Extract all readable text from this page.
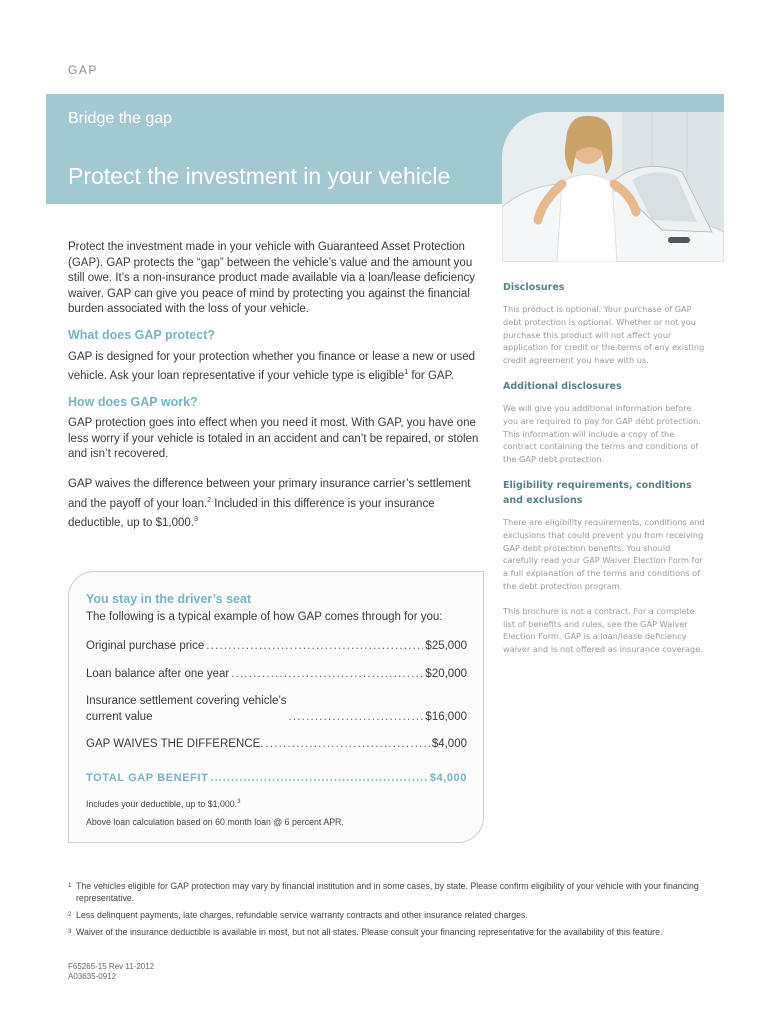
GAP
Bridge the gap
Protect the investment in your vehicle

Protect the investment made in your vehicle with Guaranteed Asset Protection (GAP). GAP protects the “gap” between the vehicle’s value and the amount you still owe. It’s a non-insurance product made available via a loan/lease deficiency waiver. GAP can give you peace of mind by protecting you against the financial burden associated with the loss of your vehicle.

What does GAP protect?

GAP is designed for your protection whether you finance or lease a new or used vehicle. Ask your loan representative if your vehicle type is eligible$^1$ for GAP.

How does GAP work?

GAP protection goes into effect when you need it most. With GAP, you have one less worry if your vehicle is totaled in an accident and can’t be repaired, or stolen and isn’t recovered.

GAP waives the difference between your primary insurance carrier’s settlement and the payoff of your loan.$^2$ Included in this difference is your insurance deductible, up to $1,000.$^3$

You stay in the driver’s seat
The following is a typical example of how GAP comes through for you:
Original purchase price . . .	$25,000
Loan balance after one year . . .	$20,000
Insurance settlement covering vehicle’s
current value . . .	$16,000
GAP WAIVES THE DIFFERENCE. . . .	$4,000
TOTAL GAP BENEFIT . . .	$4,000
Includes your deductible, up to $1,000.$^3$
Above loan calculation based on 60 month loan @ 6 percent APR.
Disclosures

This product is optional. Your purchase of GAP debt protection is optional. Whether or not you purchase this product will not affect your application for credit or the terms of any existing credit agreement you have with us.

Additional disclosures

We will give you additional information before you are required to pay for GAP debt protection. This information will include a copy of the contract containing the terms and conditions of the GAP debt protection.

Eligibility requirements, conditions and exclusions

There are eligibility requirements, conditions and exclusions that could prevent you from receiving GAP debt protection benefits. You should carefully read your GAP Waiver Election Form for a full explanation of the terms and conditions of the debt protection program.

This brochure is not a contract. For a complete list of benefits and rules, see the GAP Waiver Election Form. GAP is a loan/lease deficiency waiver and is not offered as insurance coverage.

1 The vehicles eligible for GAP protection may vary by financial institution and in some cases, by state. Please confirm eligibility of your vehicle with your financing representative.
2 Less delinquent payments, late charges, refundable service warranty contracts and other insurance related charges.
3 Waiver of the insurance deductible is available in most, but not all states. Please consult your financing representative for the availability of this feature.
F65265-15 Rev 11-2012
A03635-0912
